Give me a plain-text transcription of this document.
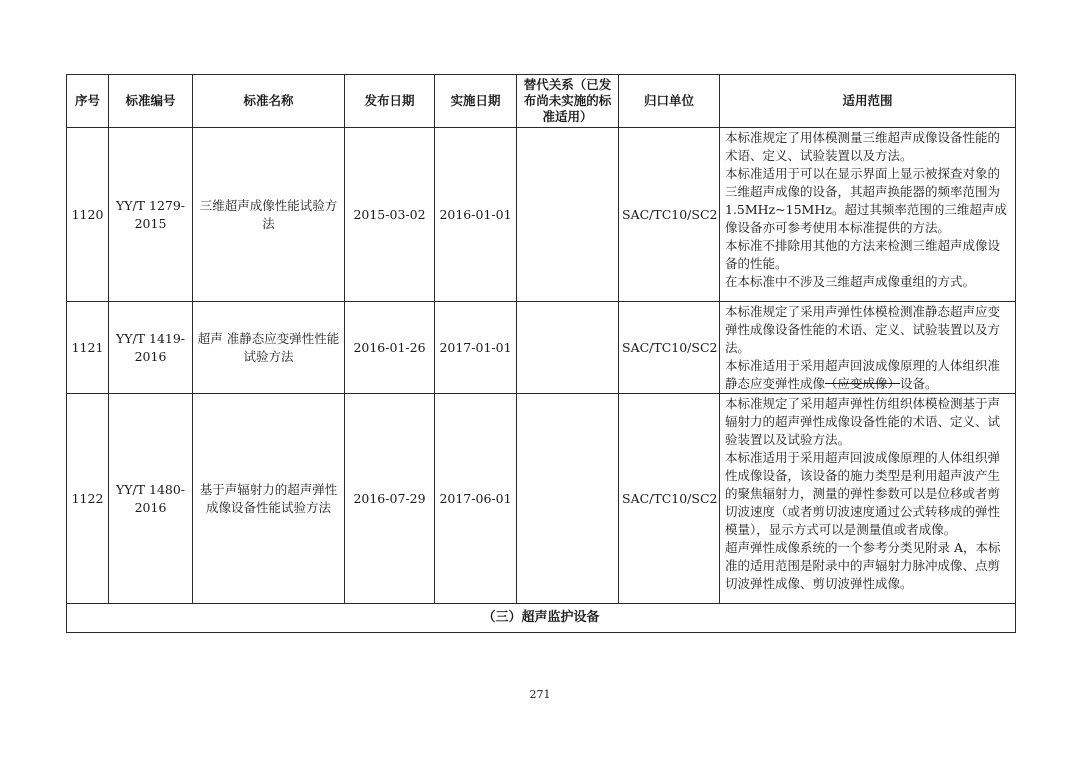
序号	标准编号	标准名称	发布日期	实施日期	替代关系（已发布尚未实施的标准适用）	归口单位	适用范围
1120	YY/T 1279-2015	三维超声成像性能试验方法	2015-03-02	2016-01-01		SAC/TC10/SC2	本标准规定了用体模测量三维超声成像设备性能的术语、定义、试验装置以及方法。

本标准适用于可以在显示界面上显示被探查对象的三维超声成像的设备，其超声换能器的频率范围为 1.5MHz~15MHz。超过其频率范围的三维超声成像设备亦可参考使用本标准提供的方法。

本标准不排除用其他的方法来检测三维超声成像设备的性能。

在本标准中不涉及三维超声成像重组的方式。

1121	YY/T 1419-2016	超声 准静态应变弹性性能试验方法	2016-01-26	2017-01-01		SAC/TC10/SC2	本标准规定了采用声弹性体模检测准静态超声应变弹性成像设备性能的术语、定义、试验装置以及方法。

本标准适用于采用超声回波成像原理的人体组织准静态应变弹性成像（应变成像）设备。

1122	YY/T 1480-2016	基于声辐射力的超声弹性成像设备性能试验方法	2016-07-29	2017-06-01		SAC/TC10/SC2	本标准规定了采用超声弹性仿组织体模检测基于声辐射力的超声弹性成像设备性能的术语、定义、试验装置以及试验方法。

本标准适用于采用超声回波成像原理的人体组织弹性成像设备，该设备的施力类型是利用超声波产生的聚焦辐射力，测量的弹性参数可以是位移或者剪切波速度（或者剪切波速度通过公式转移成的弹性模量），显示方式可以是测量值或者成像。

超声弹性成像系统的一个参考分类见附录 A，本标准的适用范围是附录中的声辐射力脉冲成像、点剪切波弹性成像、剪切波弹性成像。

（三）超声监护设备							
271
